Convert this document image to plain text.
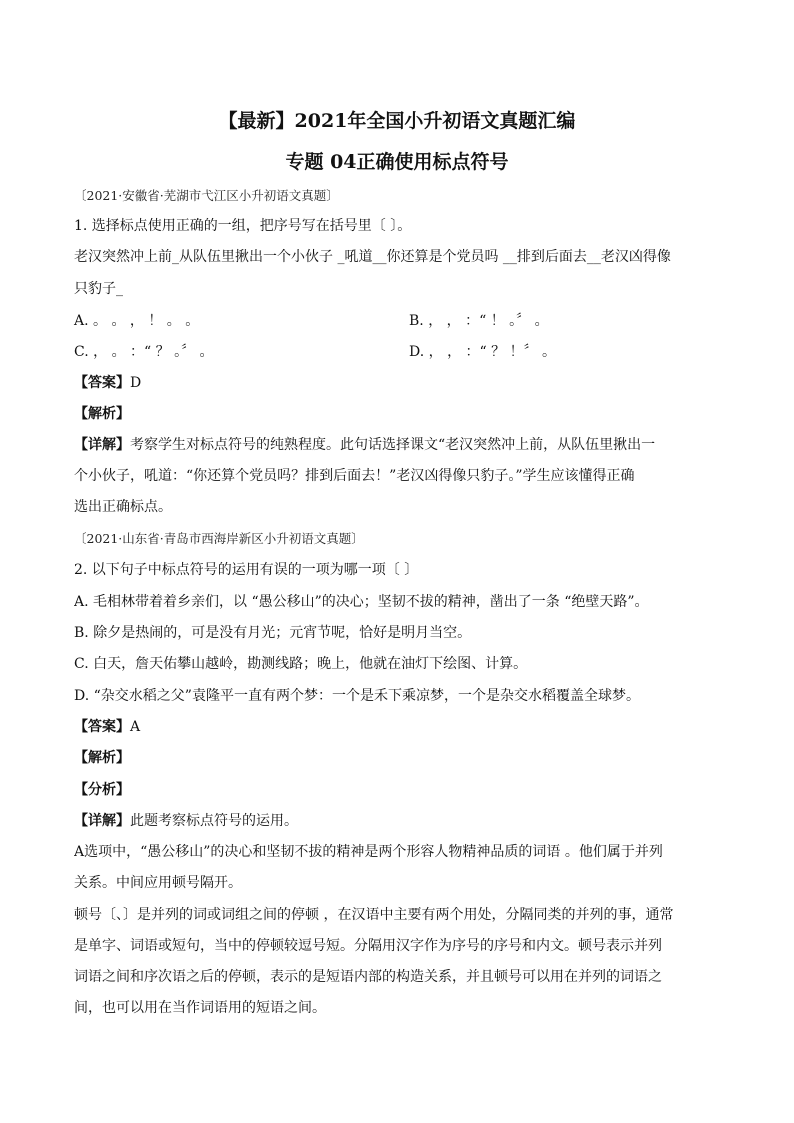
【最新】2021年全国小升初语文真题汇编
专题 04正确使用标点符号
〔2021·安徽省·芜湖市弋江区小升初语文真题〕
1. 选择标点使用正确的一组，把序号写在括号里〔 〕。
老汉突然冲上前_从队伍里揪出一个小伙子 _吼道__你还算是个党员吗 __排到后面去__老汉凶得像
只豹子_
A. 。 。 ， ！ 。 。	B. ， ， ：“ ！ 。〞 。
C. ， 。 ：“ ？ 。〞 。	D. ， ， ：“ ？ ！〞 。
【答案】D
【解析】
【详解】考察学生对标点符号的纯熟程度。此句话选择课文“老汉突然冲上前，从队伍里揪出一
个小伙子，吼道：“你还算个党员吗？排到后面去！”老汉凶得像只豹子。”学生应该懂得正确
选出正确标点。
〔2021·山东省·青岛市西海岸新区小升初语文真题〕
2. 以下句子中标点符号的运用有误的一项为哪一项〔 〕
A. 毛相林带着着乡亲们，以 “愚公移山”的决心；坚韧不拔的精神，凿出了一条 “绝壁天路”。
B. 除夕是热闹的，可是没有月光；元宵节呢，恰好是明月当空。
C. 白天，詹天佑攀山越岭，勘测线路；晚上，他就在油灯下绘图、计算。
D. “杂交水稻之父”袁隆平一直有两个梦：一个是禾下乘凉梦，一个是杂交水稻覆盖全球梦。
【答案】A
【解析】
【分析】
【详解】此题考察标点符号的运用。
A选项中，“愚公移山”的决心和坚韧不拔的精神是两个形容人物精神品质的词语 。他们属于并列
关系。中间应用顿号隔开。
顿号〔、〕是并列的词或词组之间的停顿 ，在汉语中主要有两个用处，分隔同类的并列的事，通常
是单字、词语或短句，当中的停顿较逗号短。分隔用汉字作为序号的序号和内文。顿号表示并列
词语之间和序次语之后的停顿，表示的是短语内部的构造关系，并且顿号可以用在并列的词语之
间，也可以用在当作词语用的短语之间。
